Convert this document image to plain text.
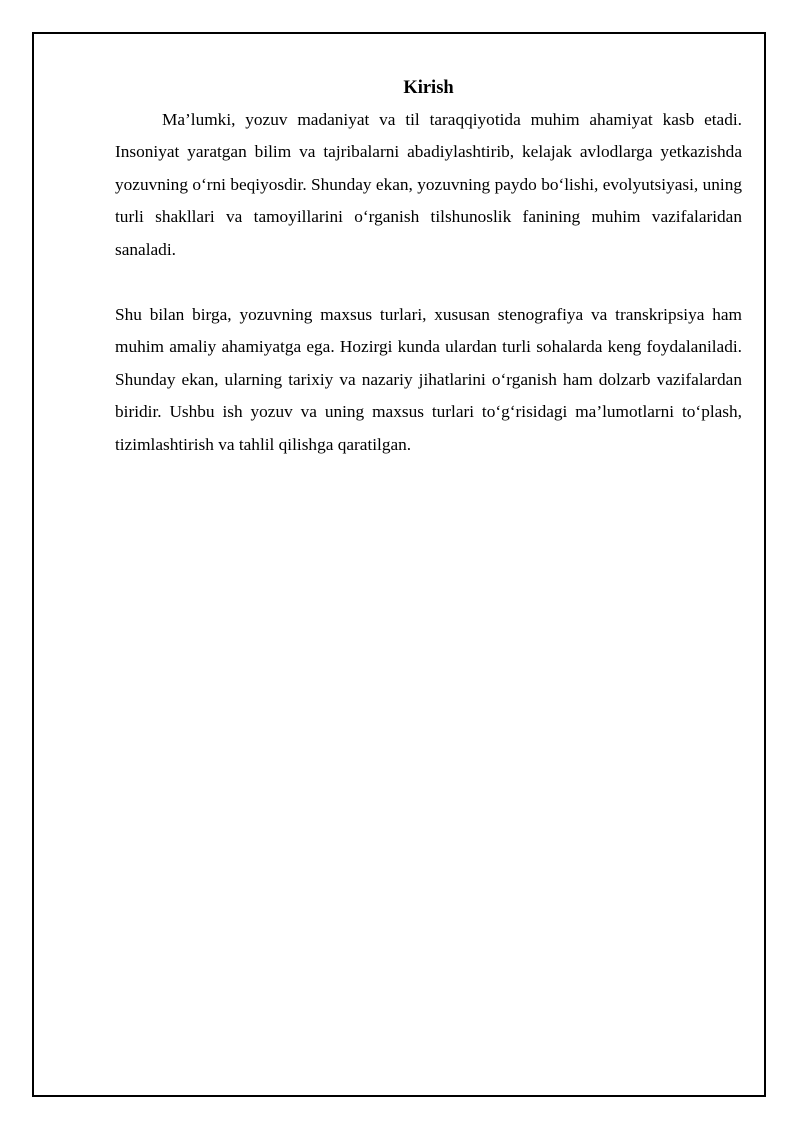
Kirish

Ma’lumki, yozuv madaniyat va til taraqqiyotida muhim ahamiyat kasb etadi. Insoniyat yaratgan bilim va tajribalarni abadiylashtirib, kelajak avlodlarga yetkazishda yozuvning o‘rni beqiyosdir. Shunday ekan, yozuvning paydo bo‘lishi, evolyutsiyasi, uning turli shakllari va tamoyillarini o‘rganish tilshunoslik fanining muhim vazifalaridan sanaladi.

Shu bilan birga, yozuvning maxsus turlari, xususan stenografiya va transkripsiya ham muhim amaliy ahamiyatga ega. Hozirgi kunda ulardan turli sohalarda keng foydalaniladi. Shunday ekan, ularning tarixiy va nazariy jihatlarini o‘rganish ham dolzarb vazifalardan biridir. Ushbu ish yozuv va uning maxsus turlari to‘g‘risidagi ma’lumotlarni to‘plash, tizimlashtirish va tahlil qilishga qaratilgan.
